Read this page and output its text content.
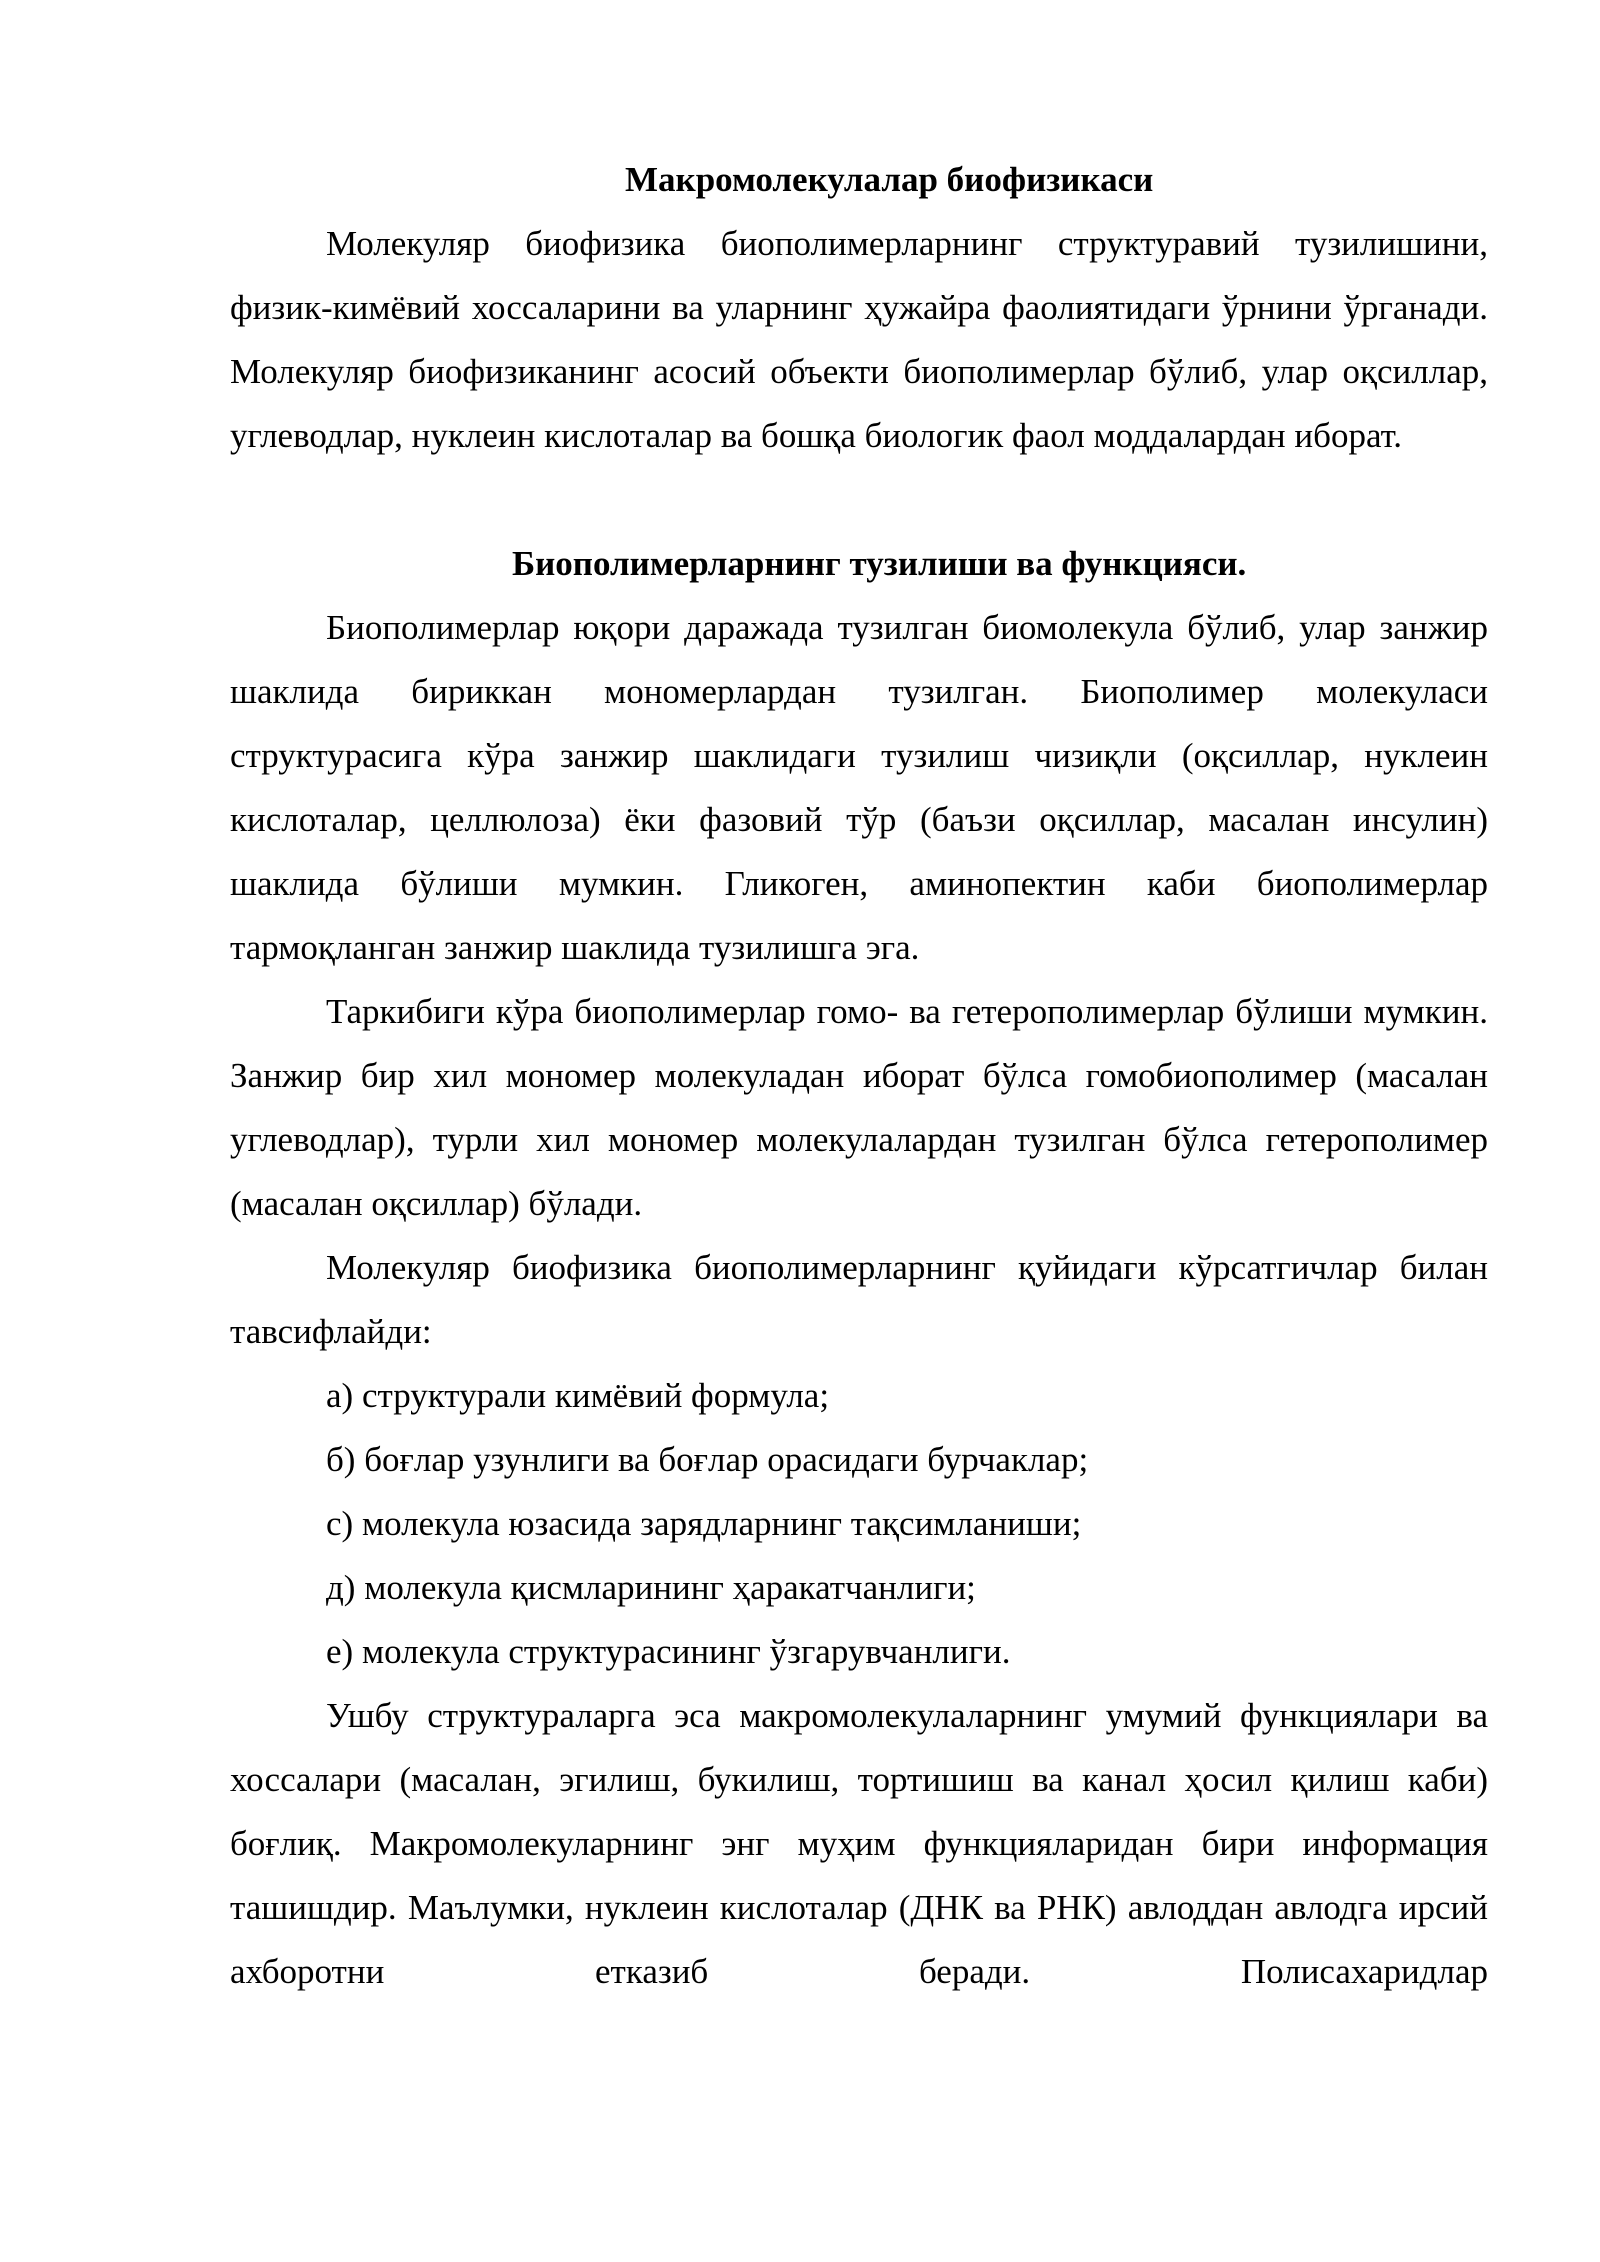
Макромолекулалар биофизикаси

Молекуляр биофизика биополимерларнинг структуравий тузилишини, физик-кимёвий хоссаларини ва уларнинг ҳужайра фаолиятидаги ўрнини ўрганади. Молекуляр биофизиканинг асосий объекти биополимерлар бўлиб, улар оқсиллар, углеводлар, нуклеин кислоталар ва бошқа биологик фаол моддалардан иборат.

Биополимерларнинг тузилиши ва функцияси.

Биополимерлар юқори даражада тузилган биомолекула бўлиб, улар занжир шаклида бириккан мономерлардан тузилган. Биополимер молекуласи структурасига кўра занжир шаклидаги тузилиш чизиқли (оқсиллар, нуклеин кислоталар, целлюлоза) ёки фазовий тўр (баъзи оқсиллар, масалан инсулин) шаклида бўлиши мумкин. Гликоген, аминопектин каби биополимерлар тармоқланган занжир шаклида тузилишга эга.

Таркибиги кўра биополимерлар гомо- ва гетерополимерлар бўлиши мумкин. Занжир бир хил мономер молекуладан иборат бўлса гомобиополимер (масалан углеводлар), турли хил мономер молекулалардан тузилган бўлса гетерополимер (масалан оқсиллар) бўлади.

Молекуляр биофизика биополимерларнинг қуйидаги кўрсатгичлар билан тавсифлайди:

а) структурали кимёвий формула;

б) боғлар узунлиги ва боғлар орасидаги бурчаклар;

с) молекула юзасида зарядларнинг тақсимланиши;

д) молекула қисмларининг ҳаракатчанлиги;

е) молекула структурасининг ўзгарувчанлиги.

Ушбу структураларга эса макромолекулаларнинг умумий функциялари ва хоссалари (масалан, эгилиш, букилиш, тортишиш ва канал ҳосил қилиш каби) боғлиқ. Макромолекуларнинг энг муҳим функцияларидан бири информация ташишдир. Маълумки, нуклеин кислоталар (ДНК ва РНК) авлоддан авлодга ирсий ахборотни етказиб беради. Полисахаридлар
